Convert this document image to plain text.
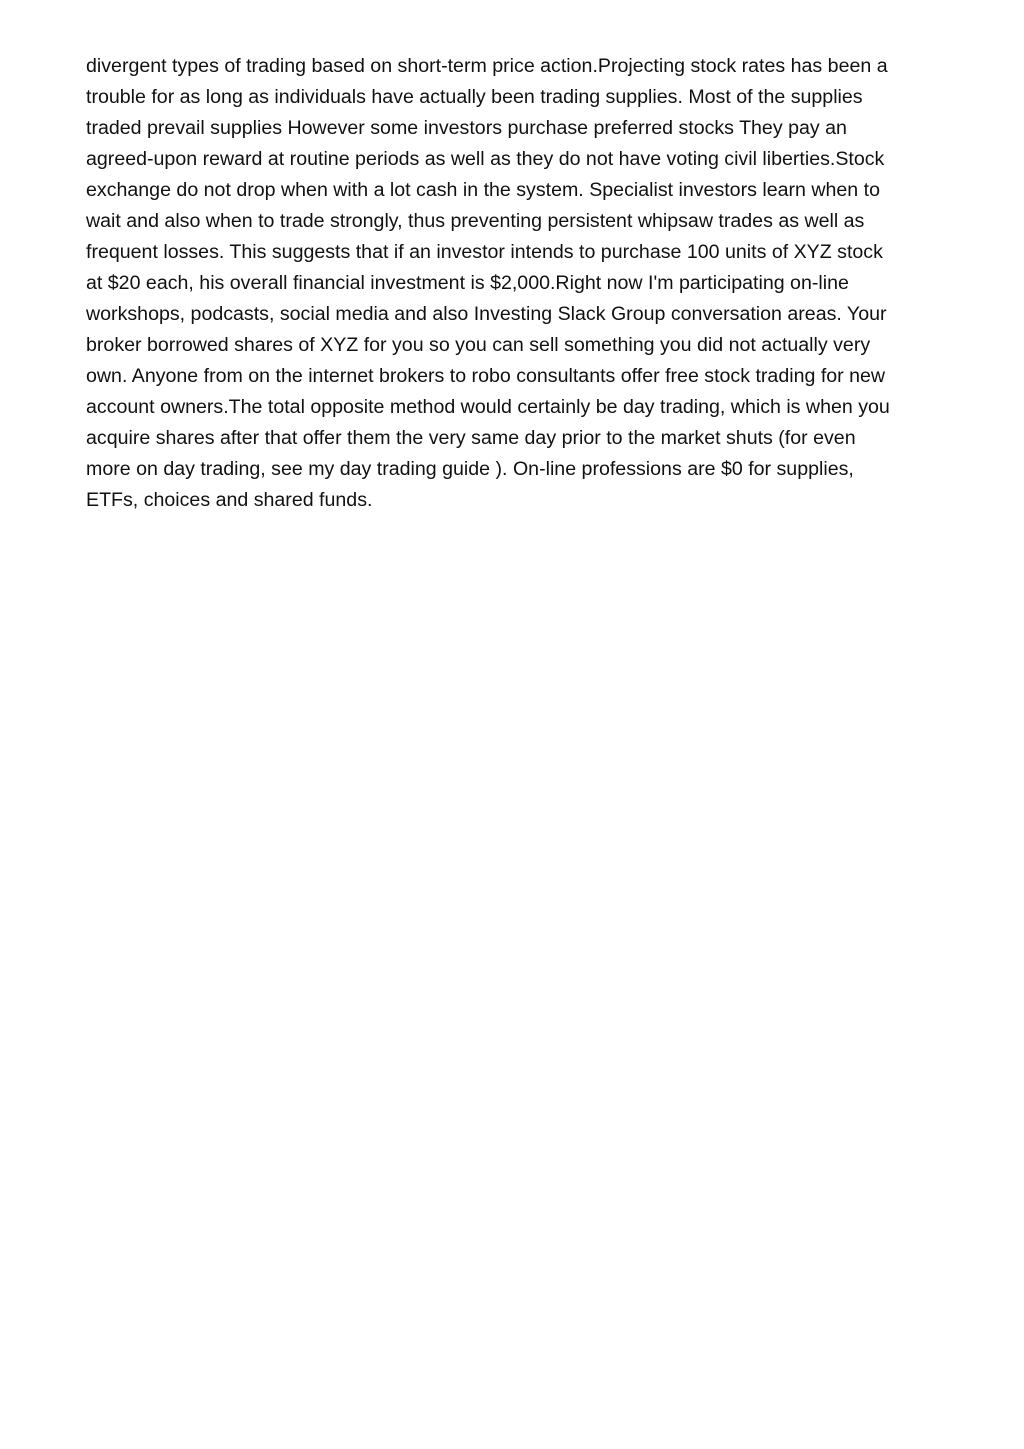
divergent types of trading based on short-term price action.Projecting stock rates has been a
trouble for as long as individuals have actually been trading supplies. Most of the supplies
traded prevail supplies However some investors purchase preferred stocks They pay an
agreed-upon reward at routine periods as well as they do not have voting civil liberties.Stock
exchange do not drop when with a lot cash in the system. Specialist investors learn when to
wait and also when to trade strongly, thus preventing persistent whipsaw trades as well as
frequent losses. This suggests that if an investor intends to purchase 100 units of XYZ stock
at $20 each, his overall financial investment is $2,000.Right now I'm participating on-line
workshops, podcasts, social media and also Investing Slack Group conversation areas. Your
broker borrowed shares of XYZ for you so you can sell something you did not actually very
own. Anyone from on the internet brokers to robo consultants offer free stock trading for new
account owners.The total opposite method would certainly be day trading, which is when you
acquire shares after that offer them the very same day prior to the market shuts (for even
more on day trading, see my day trading guide ). On-line professions are $0 for supplies,
ETFs, choices and shared funds.
